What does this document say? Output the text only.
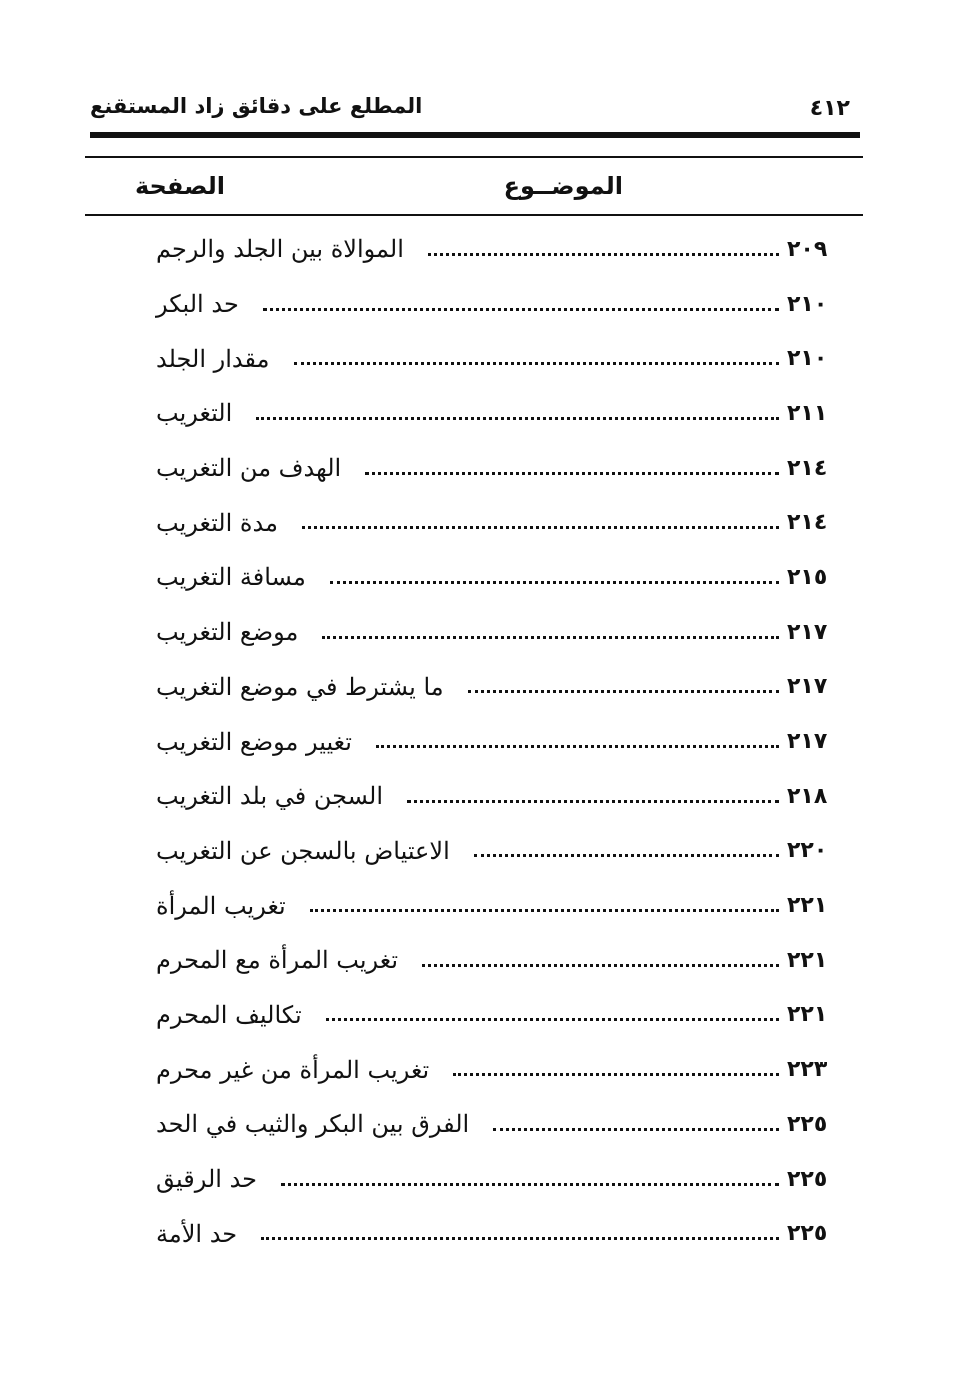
٤١٢
المطلع على دقائق زاد المستقنع
الموضــوع
الصفحة
الموالاة بين الجلد والرجم	٢٠٩
حد البكر	٢١٠
مقدار الجلد	٢١٠
التغريب	٢١١
الهدف من التغريب	٢١٤
مدة التغريب	٢١٤
مسافة التغريب	٢١٥
موضع التغريب	٢١٧
ما يشترط في موضع التغريب	٢١٧
تغيير موضع التغريب	٢١٧
السجن في بلد التغريب	٢١٨
الاعتياض بالسجن عن التغريب	٢٢٠
تغريب المرأة	٢٢١
تغريب المرأة مع المحرم	٢٢١
تكاليف المحرم	٢٢١
تغريب المرأة من غير محرم	٢٢٣
الفرق بين البكر والثيب في الحد	٢٢٥
حد الرقيق	٢٢٥
حد الأمة	٢٢٥
